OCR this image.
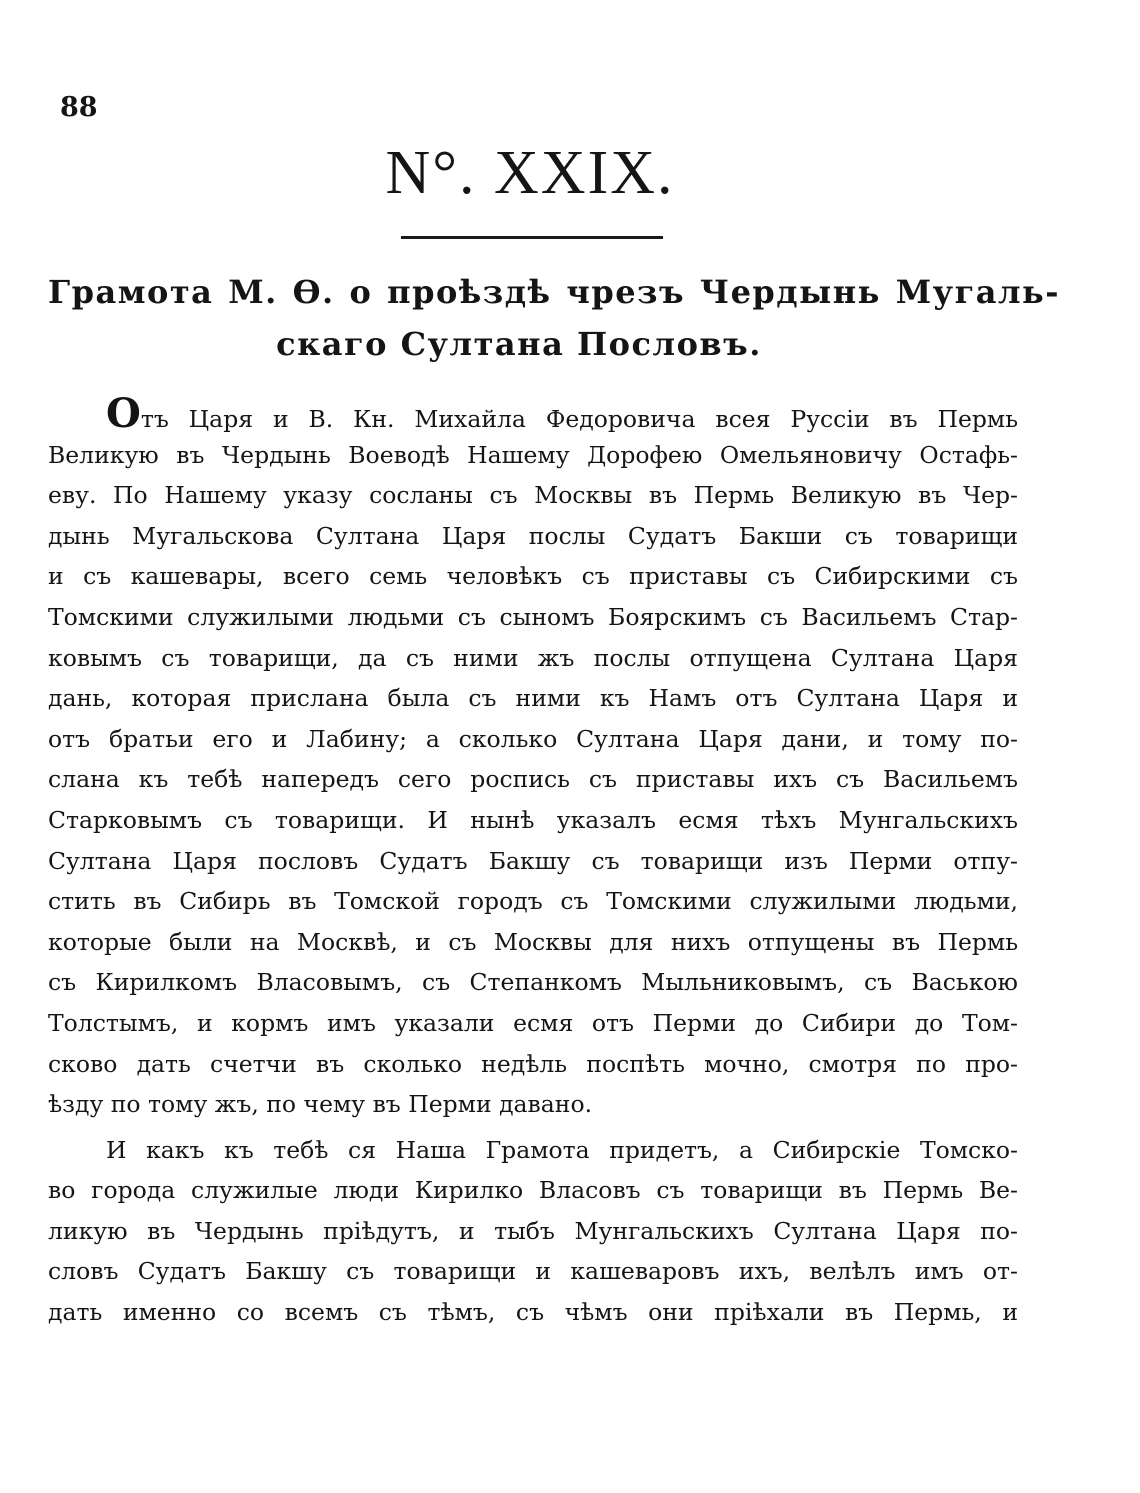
88
N°. XXIX.
Грамота М. Ѳ. о проѣздѣ чрезъ Чердынь Мугаль-
скаго Султана Пословъ.
Отъ Царя и В. Кн. Михайла Федоровича всея Руссіи въ Пермь
Великую въ Чердынь Воеводѣ Нашему Дорофею Омельяновичу Остафь-
еву. По Нашему указу сосланы съ Москвы въ Пермь Великую въ Чер-
дынь Мугальскова Султана Царя послы Судатъ Бакши съ товарищи
и съ кашевары, всего семь человѣкъ съ приставы съ Сибирскими съ
Томскими служилыми людьми съ сыномъ Боярскимъ съ Васильемъ Стар-
ковымъ съ товарищи, да съ ними жъ послы отпущена Султана Царя
дань, которая прислана была съ ними къ Намъ отъ Султана Царя и
отъ братьи его и Лабину; а сколько Султана Царя дани, и тому по-
слана къ тебѣ напередъ сего роспись съ приставы ихъ съ Васильемъ
Старковымъ съ товарищи. И нынѣ указалъ есмя тѣхъ Мунгальскихъ
Султана Царя пословъ Судатъ Бакшу съ товарищи изъ Перми отпу-
стить въ Сибирь въ Томской городъ съ Томскими служилыми людьми,
которые были на Москвѣ, и съ Москвы для нихъ отпущены въ Пермь
съ Кирилкомъ Власовымъ, съ Степанкомъ Мыльниковымъ, съ Ваською
Толстымъ, и кормъ имъ указали есмя отъ Перми до Сибири до Том-
сково дать счетчи въ сколько недѣль поспѣть мочно, смотря по про-
ѣзду по тому жъ, по чему въ Перми давано.
И какъ къ тебѣ ся Наша Грамота придетъ, а Сибирскіе Томско-
во города служилые люди Кирилко Власовъ съ товарищи въ Пермь Ве-
ликую въ Чердынь пріѣдутъ, и тыбъ Мунгальскихъ Султана Царя по-
словъ Судатъ Бакшу съ товарищи и кашеваровъ ихъ, велѣлъ имъ от-
дать именно со всемъ съ тѣмъ, съ чѣмъ они пріѣхали въ Пермь, и
